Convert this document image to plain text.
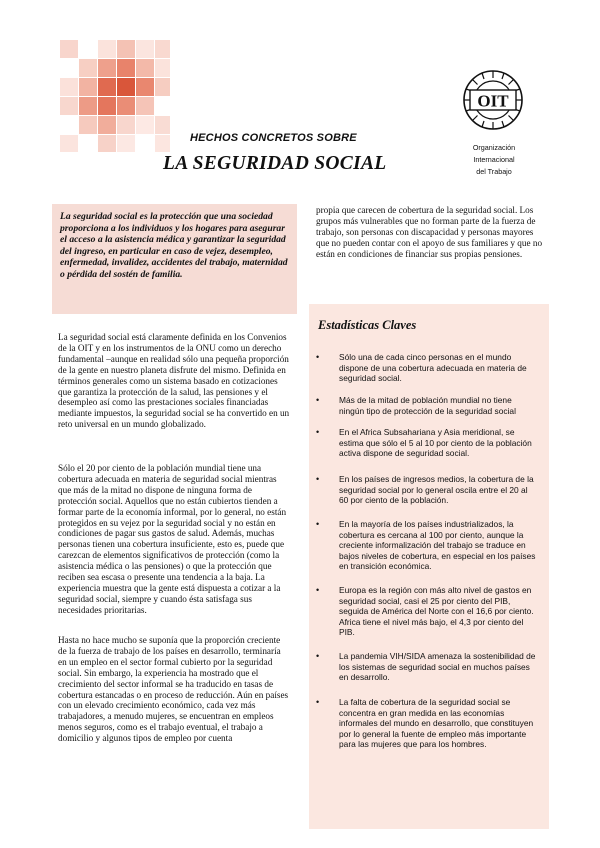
HECHOS CONCRETOS SOBRE
LA SEGURIDAD SOCIAL
OIT
Organización
Internacional
del Trabajo
La seguridad social es la protección que una sociedad proporciona a los individuos y los hogares para asegurar el acceso a la asistencia médica y garantizar la seguridad del ingreso, en particular en caso de vejez, desempleo, enfermedad, invalidez, accidentes del trabajo, maternidad o pérdida del sostén de familia.

La seguridad social está claramente definida en los Convenios de la OIT y en los instrumentos de la ONU como un derecho fundamental –aunque en realidad sólo una pequeña proporción de la gente en nuestro planeta disfrute del mismo. Definida en términos generales como un sistema basado en cotizaciones que garantiza la protección de la salud, las pensiones y el desempleo así como las prestaciones sociales financiadas mediante impuestos, la seguridad social se ha convertido en un reto universal en un mundo globalizado.

Sólo el 20 por ciento de la población mundial tiene una cobertura adecuada en materia de seguridad social mientras que más de la mitad no dispone de ninguna forma de protección social. Aquellos que no están cubiertos tienden a formar parte de la economía informal, por lo general, no están protegidos en su vejez por la seguridad social y no están en condiciones de pagar sus gastos de salud. Además, muchas personas tienen una cobertura insuficiente, esto es, puede que carezcan de elementos significativos de protección (como la asistencia médica o las pensiones) o que la protección que reciben sea escasa o presente una tendencia a la baja. La experiencia muestra que la gente está dispuesta a cotizar a la seguridad social, siempre y cuando ésta satisfaga sus necesidades prioritarias.

Hasta no hace mucho se suponía que la proporción creciente de la fuerza de trabajo de los países en desarrollo, terminaría en un empleo en el sector formal cubierto por la seguridad social. Sin embargo, la experiencia ha mostrado que el crecimiento del sector informal se ha traducido en tasas de cobertura estancadas o en proceso de reducción. Aún en países con un elevado crecimiento económico, cada vez más trabajadores, a menudo mujeres, se encuentran en empleos menos seguros, como es el trabajo eventual, el trabajo a domicilio y algunos tipos de empleo por cuenta

propia que carecen de cobertura de la seguridad social. Los grupos más vulnerables que no forman parte de la fuerza de trabajo, son personas con discapacidad y personas mayores que no pueden contar con el apoyo de sus familiares y que no están en condiciones de financiar sus propias pensiones.

Estadísticas Claves
• Sólo una de cada cinco personas en el mundo dispone de una cobertura adecuada en materia de seguridad social.
• Más de la mitad de población mundial no tiene ningún tipo de protección de la seguridad social
• En el Africa Subsahariana y Asia meridional, se estima que sólo el 5 al 10 por ciento de la población activa dispone de seguridad social.
• En los países de ingresos medios, la cobertura de la seguridad social por lo general oscila entre el 20 al 60 por ciento de la población.
• En la mayoría de los países industrializados, la cobertura es cercana al 100 por ciento, aunque la creciente informalización del trabajo se traduce en bajos niveles de cobertura, en especial en los países en transición económica.
• Europa es la región con más alto nivel de gastos en seguridad social, casi el 25 por ciento del PIB, seguida de América del Norte con el 16,6 por ciento. Africa tiene el nivel más bajo, el 4,3 por ciento del PIB.
• La pandemia VIH/SIDA amenaza la sostenibilidad de los sistemas de seguridad social en muchos países en desarrollo.
• La falta de cobertura de la seguridad social se concentra en gran medida en las economías informales del mundo en desarrollo, que constituyen por lo general la fuente de empleo más importante para las mujeres que para los hombres.
